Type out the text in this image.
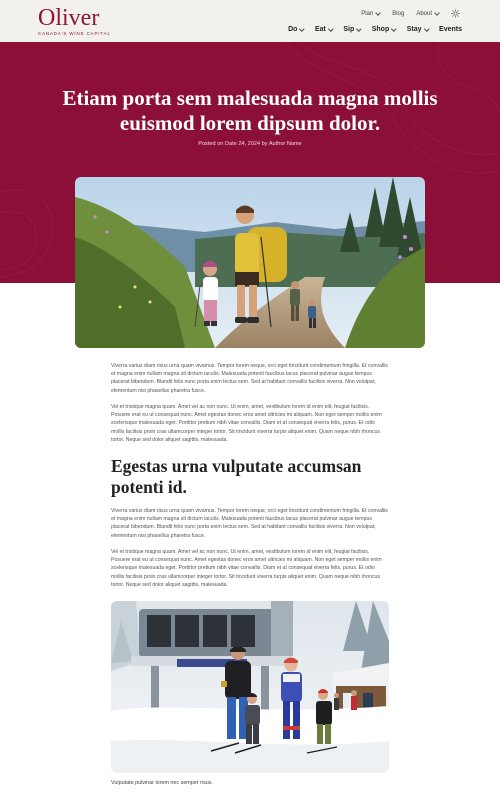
Oliver
CANADA'S WINE CAPITAL
Plan	Blog About
Do	Eat	Sip	Shop	Stay	Events
Etiam porta sem malesuada magna mollis euismod lorem dipsum dolor.

Posted on Date 24, 2024 by Author Name

Viverra varius diam risus urna quam vivamus. Tempor lorem neque, orci eget tincidunt condimentum fringilla. Et convallis et magna enim nullam magna sit dictum iaculis. Malesuada potenti faucibus lacus placerat pulvinar augue tempus placerat bibendum. Blandit felis nunc porta enim lectus sem. Sed at habitant convallis facilisis viverra. Non volutpat, elementum nisi phasellus pharetra fusce.

Vel et tristique magna quam. Amet vel ac non nunc. Ut enim, amet, vestibulum lorem id enim elit, feugiat facilisis. Posuere erat eu ut consequat nunc. Amet egestas donec eros amet ultricies mi aliquam. Non eget semper mollis enim scelerisque malesuada eget. Porttitor pretium nibh vitae convallis. Diam et at consequat viverra felis, purus. Et odio mollis facilisis proin cras ullamcorper integer tortor. Sit tincidunt viverra turpis aliquet enim. Quam neque nibh rhoncus tortor. Neque sed dolor aliquet sagittis, malesuada.

Egestas urna vulputate accumsan potenti id.

Viverra varius diam risus urna quam vivamus. Tempor lorem neque, orci eget tincidunt condimentum fringilla. Et convallis et magna enim nullam magna sit dictum iaculis. Malesuada potenti faucibus lacus placerat pulvinar augue tempus placerat bibendum. Blandit felis nunc porta enim lectus sem. Sed at habitant convallis facilisis viverra. Non volutpat, elementum nisi phasellus pharetra fusce.

Vel et tristique magna quam. Amet vel ac non nunc. Ut enim, amet, vestibulum lorem id enim elit, feugiat facilisis. Posuere erat eu ut consequat nunc. Amet egestas donec eros amet ultricies mi aliquam. Non eget semper mollis enim scelerisque malesuada eget. Porttitor pretium nibh vitae convallis. Diam et at consequat viverra felis, purus. Et odio mollis facilisis proin cras ullamcorper integer tortor. Sit tincidunt viverra turpis aliquet enim. Quam neque nibh rhoncus tortor. Neque sed dolor aliquet sagittis, malesuada.

Vulputate pulvinar lorem nec semper risus.
